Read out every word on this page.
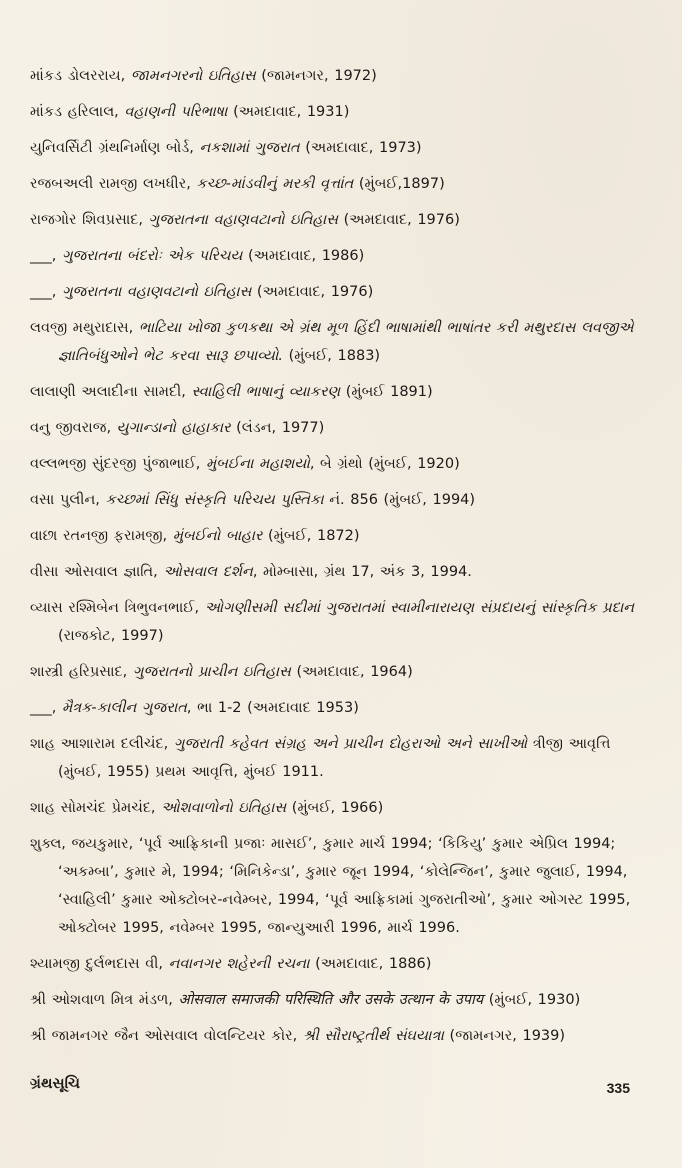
માંકડ ડોલરરાય, જામનગરનો ઇતિહાસ (જામનગર, 1972)
માંકડ હરિલાલ, વહાણની પરિભાષા (અમદાવાદ, 1931)
યુનિવર્સિટી ગ્રંથનિર્માણ બોર્ડ, નકશામાં ગુજરાત (અમદાવાદ, 1973)
રજબઅલી રામજી લખધીર, કચ્છ-માંડવીનું મરકી વૃત્તાંત (મુંબઈ,1897)
રાજગોર શિવપ્રસાદ, ગુજરાતના વહાણવટાનો ઇતિહાસ (અમદાવાદ, 1976)
___, ગુજરાતના બંદરોઃ એક પરિચય (અમદાવાદ, 1986)
___, ગુજરાતના વહાણવટાનો ઇતિહાસ (અમદાવાદ, 1976)
લવજી મથુરાદાસ, ભાટિયા ખોજા કુળકથા એ ગ્રંથ મૂળ હિંદી ભાષામાંથી ભાષાંતર કરી મથુરદાસ લવજીએ જ્ઞાતિબંધુઓને ભેટ કરવા સારૂ છપાવ્યો. (મુંબઈ, 1883)
લાલાણી અલાદીના સામદી, સ્વાહિલી ભાષાનું વ્યાકરણ (મુંબઈ 1891)
વનુ જીવરાજ, યુગાન્ડાનો હાહાકાર (લંડન, 1977)
વલ્લભજી સુંદરજી પુંજાભાઈ, મુંબઈના મહાશયો, બે ગ્રંથો (મુંબઈ, 1920)
વસા પુલીન, કચ્છમાં સિંધુ સંસ્કૃતિ પરિચય પુસ્તિકા નં. 856 (મુંબઈ, 1994)
વાછા રતનજી ફરામજી, મુંબઈનો બાહાર (મુંબઈ, 1872)
વીસા ઓસવાલ જ્ઞાતિ, ઓસવાલ દર્શન, મોમ્બાસા, ગ્રંથ 17, અંક 3, 1994.
વ્યાસ રશ્મિબેન ત્રિભુવનભાઈ, ઓગણીસમી સદીમાં ગુજરાતમાં સ્વામીનારાયણ સંપ્રદાયનું સાંસ્કૃતિક પ્રદાન (રાજકોટ, 1997)
શાસ્ત્રી હરિપ્રસાદ, ગુજરાતનો પ્રાચીન ઇતિહાસ (અમદાવાદ, 1964)
___, મૈત્રક-કાલીન ગુજરાત, ભા 1-2 (અમદાવાદ 1953)
શાહ આશારામ દલીચંદ, ગુજરાતી કહેવત સંગ્રહ અને પ્રાચીન દોહરાઓ અને સાખીઓ ત્રીજી આવૃત્તિ (મુંબઈ, 1955) પ્રથમ આવૃત્તિ, મુંબઈ 1911.
શાહ સોમચંદ પ્રેમચંદ, ઓશવાળોનો ઇતિહાસ (મુંબઈ, 1966)
શુક્લ, જયકુમાર, ‘પૂર્વ આફ્રિકાની પ્રજાઃ માસઈ’, કુમાર માર્ચ 1994; ‘કિકિયુ’ કુમાર એપ્રિલ 1994; ‘અકમ્બા’, કુમાર મે, 1994; ‘મિનિકેન્ડા’, કુમાર જૂન 1994, ‘કોલેન્જિન’, કુમાર જુલાઈ, 1994, ‘સ્વાહિલી’ કુમાર ઓક્ટોબર-નવેમ્બર, 1994, ‘પૂર્વ આફ્રિકામાં ગુજરાતીઓ’, કુમાર ઓગસ્ટ 1995, ઓક્ટોબર 1995, નવેમ્બર 1995, જાન્યુઆરી 1996, માર્ચ 1996.
શ્યામજી દુર્લભદાસ વી, નવાનગર શહેરની રચના (અમદાવાદ, 1886)
શ્રી ઓશવાળ મિત્ર મંડળ, ओसवाल समाजकी परिस्थिति और उसके उत्थान के उपाय (મુંબઈ, 1930)
શ્રી જામનગર જૈન ઓસવાલ વોલન્ટિયર કોર, શ્રી સૌરાષ્ટ્રતીર્થ સંઘયાત્રા (જામનગર, 1939)
ગ્રંથસૂચિ	335
